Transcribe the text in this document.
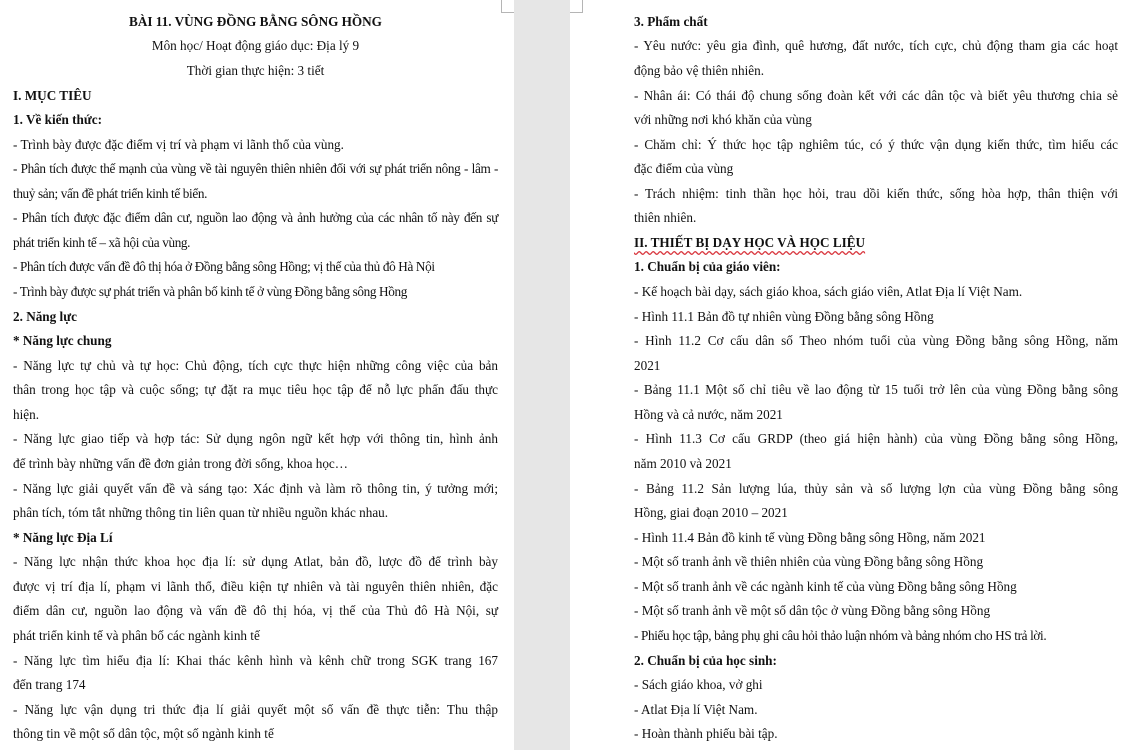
BÀI 11. VÙNG ĐỒNG BẰNG SÔNG HỒNG
Môn học/ Hoạt động giáo dục: Địa lý 9
Thời gian thực hiện: 3 tiết
I. MỤC TIÊU
1. Về kiến thức:
- Trình bày được đặc điểm vị trí và phạm vi lãnh thổ của vùng.
- Phân tích được thế mạnh của vùng về tài nguyên thiên nhiên đối với sự phát triển nông - lâm -
thuỷ sản; vấn đề phát triển kinh tế biển.
- Phân tích được đặc điểm dân cư, nguồn lao động và ảnh hưởng của các nhân tố này đến sự
phát triển kinh tế – xã hội của vùng.
- Phân tích được vấn đề đô thị hóa ở Đồng bằng sông Hồng; vị thế của thủ đô Hà Nội
- Trình bày được sự phát triển và phân bố kinh tế ở vùng Đồng bằng sông Hồng
2. Năng lực
* Năng lực chung
- Năng lực tự chủ và tự học: Chủ động, tích cực thực hiện những công việc của bản
thân trong học tập và cuộc sống; tự đặt ra mục tiêu học tập để nỗ lực phấn đấu thực
hiện.
- Năng lực giao tiếp và hợp tác: Sử dụng ngôn ngữ kết hợp với thông tin, hình ảnh
để trình bày những vấn đề đơn giản trong đời sống, khoa học…
- Năng lực giải quyết vấn đề và sáng tạo: Xác định và làm rõ thông tin, ý tưởng mới;
phân tích, tóm tắt những thông tin liên quan từ nhiều nguồn khác nhau.
* Năng lực Địa Lí
- Năng lực nhận thức khoa học địa lí: sử dụng Atlat, bản đồ, lược đồ để trình bày
được vị trí địa lí, phạm vi lãnh thổ, điều kiện tự nhiên và tài nguyên thiên nhiên, đặc
điểm dân cư, nguồn lao động và vấn đề đô thị hóa, vị thế của Thủ đô Hà Nội, sự
phát triển kinh tế và phân bố các ngành kinh tế
- Năng lực tìm hiểu địa lí: Khai thác kênh hình và kênh chữ trong SGK trang 167
đến trang 174
- Năng lực vận dụng tri thức địa lí giải quyết một số vấn đề thực tiễn: Thu thập
thông tin về một số dân tộc, một số ngành kinh tế
3. Phẩm chất
- Yêu nước: yêu gia đình, quê hương, đất nước, tích cực, chủ động tham gia các hoạt
động bảo vệ thiên nhiên.
- Nhân ái: Có thái độ chung sống đoàn kết với các dân tộc và biết yêu thương chia sẻ
với những nơi khó khăn của vùng
- Chăm chỉ: Ý thức học tập nghiêm túc, có ý thức vận dụng kiến thức, tìm hiểu các
đặc điểm của vùng
- Trách nhiệm: tinh thần học hỏi, trau dồi kiến thức, sống hòa hợp, thân thiện với
thiên nhiên.
II. THIẾT BỊ DẠY HỌC VÀ HỌC LIỆU
1. Chuẩn bị của giáo viên:
- Kế hoạch bài dạy, sách giáo khoa, sách giáo viên, Atlat Địa lí Việt Nam.
- Hình 11.1 Bản đồ tự nhiên vùng Đồng bằng sông Hồng
- Hình 11.2 Cơ cấu dân số Theo nhóm tuổi của vùng Đồng bằng sông Hồng, năm
2021
- Bảng 11.1 Một số chỉ tiêu về lao động từ 15 tuổi trở lên của vùng Đồng bằng sông
Hồng và cả nước, năm 2021
- Hình 11.3 Cơ cấu GRDP (theo giá hiện hành) của vùng Đồng bằng sông Hồng,
năm 2010 và 2021
- Bảng 11.2 Sản lượng lúa, thủy sản và số lượng lợn của vùng Đồng bằng sông
Hồng, giai đoạn 2010 – 2021
- Hình 11.4 Bản đồ kinh tế vùng Đồng bằng sông Hồng, năm 2021
- Một số tranh ảnh về thiên nhiên của vùng Đồng bằng sông Hồng
- Một số tranh ảnh về các ngành kinh tế của vùng Đồng bằng sông Hồng
- Một số tranh ảnh về một số dân tộc ở vùng Đồng bằng sông Hồng
- Phiếu học tập, bảng phụ ghi câu hỏi thảo luận nhóm và bảng nhóm cho HS trả lời.
2. Chuẩn bị của học sinh:
- Sách giáo khoa, vở ghi
- Atlat Địa lí Việt Nam.
- Hoàn thành phiếu bài tập.
